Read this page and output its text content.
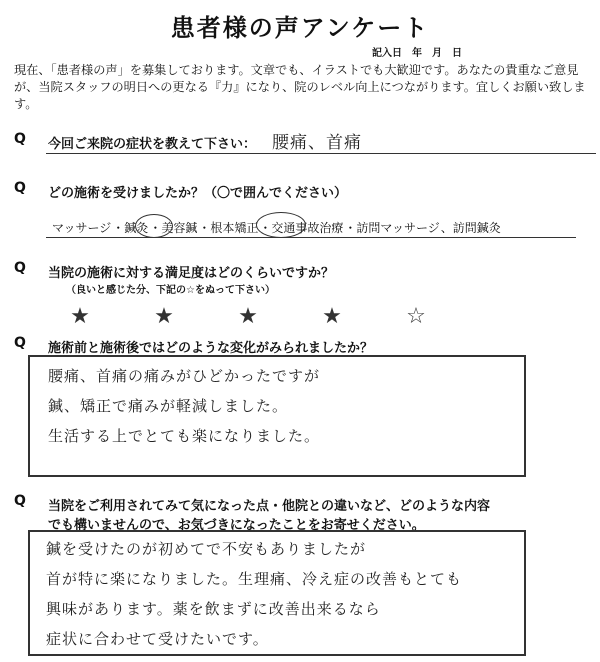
患者様の声アンケート
記入日　年　月　日
現在、「患者様の声」を募集しております。文章でも、イラストでも大歓迎です。あなたの貴重なご意見が、当院スタッフの明日への更なる『力』になり、院のレベル向上につながります。宜しくお願い致します。
Q 今回ご来院の症状を教えて下さい： 腰痛、首痛
Q どの施術を受けましたか？（〇で囲んでください）
マッサージ・鍼灸・美容鍼・根本矯正・交通事故治療・訪問マッサージ、訪問鍼灸
Q 当院の施術に対する満足度はどのくらいですか？
（良いと感じた分、下記の☆をぬって下さい）
★	★	★	★	☆
Q 施術前と施術後ではどのような変化がみられましたか？
腰痛、首痛の痛みがひどかったですが
鍼、矯正で痛みが軽減しました。
生活する上でとても楽になりました。
Q 当院をご利用されてみて気になった点・他院との違いなど、どのような内容
でも構いませんので、お気づきになったことをお寄せください。
鍼を受けたのが初めてで不安もありましたが
首が特に楽になりました。生理痛、冷え症の改善もとても
興味があります。薬を飲まずに改善出来るなら
症状に合わせて受けたいです。
